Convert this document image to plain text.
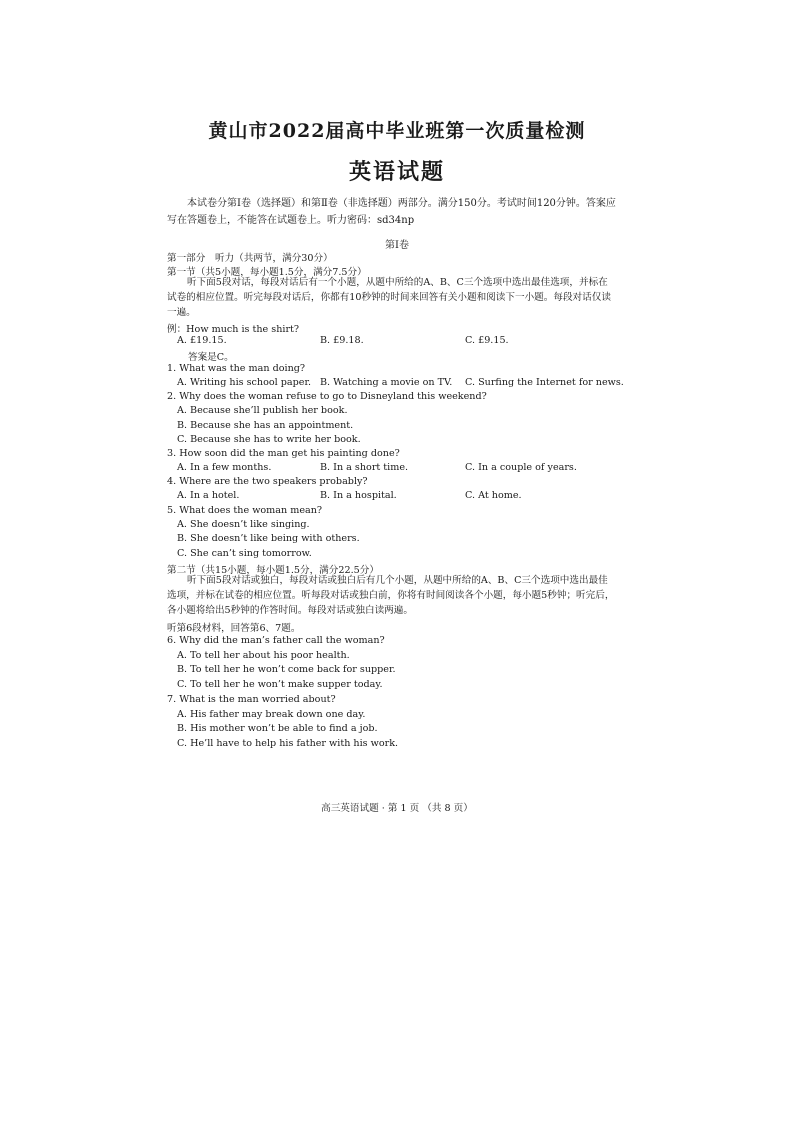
黄山市2022届高中毕业班第一次质量检测
英语试题
本试卷分第Ⅰ卷（选择题）和第Ⅱ卷（非选择题）两部分。满分150分。考试时间120分钟。答案应写在答题卷上，不能答在试题卷上。听力密码：sd34np
第Ⅰ卷
第一部分　听力（共两节，满分30分）
第一节（共5小题，每小题1.5分，满分7.5分）
听下面5段对话，每段对话后有一个小题，从题中所给的A、B、C三个选项中选出最佳选项，并标在试卷的相应位置。听完每段对话后，你都有10秒钟的时间来回答有关小题和阅读下一小题。每段对话仅读一遍。
例：How much is the shirt?
A. £19.15.	B. £9.18.	C. £9.15.
答案是C。
1. What was the man doing?
A. Writing his school paper. B. Watching a movie on TV. C. Surfing the Internet for news.
2. Why does the woman refuse to go to Disneyland this weekend?
A. Because she’ll publish her book.
B. Because she has an appointment.
C. Because she has to write her book.
3. How soon did the man get his painting done?
A. In a few months.	B. In a short time.	C. In a couple of years.
4. Where are the two speakers probably?
A. In a hotel.	B. In a hospital.	C. At home.
5. What does the woman mean?
A. She doesn’t like singing.
B. She doesn’t like being with others.
C. She can’t sing tomorrow.
第二节（共15小题，每小题1.5分，满分22.5分）
听下面5段对话或独白，每段对话或独白后有几个小题，从题中所给的A、B、C三个选项中选出最佳选项，并标在试卷的相应位置。听每段对话或独白前，你将有时间阅读各个小题，每小题5秒钟；听完后，各小题将给出5秒钟的作答时间。每段对话或独白读两遍。
听第6段材料，回答第6、7题。
6. Why did the man’s father call the woman?
A. To tell her about his poor health.
B. To tell her he won’t come back for supper.
C. To tell her he won’t make supper today.
7. What is the man worried about?
A. His father may break down one day.
B. His mother won’t be able to find a job.
C. He’ll have to help his father with his work.
高三英语试题 · 第 1 页 （共 8 页）
